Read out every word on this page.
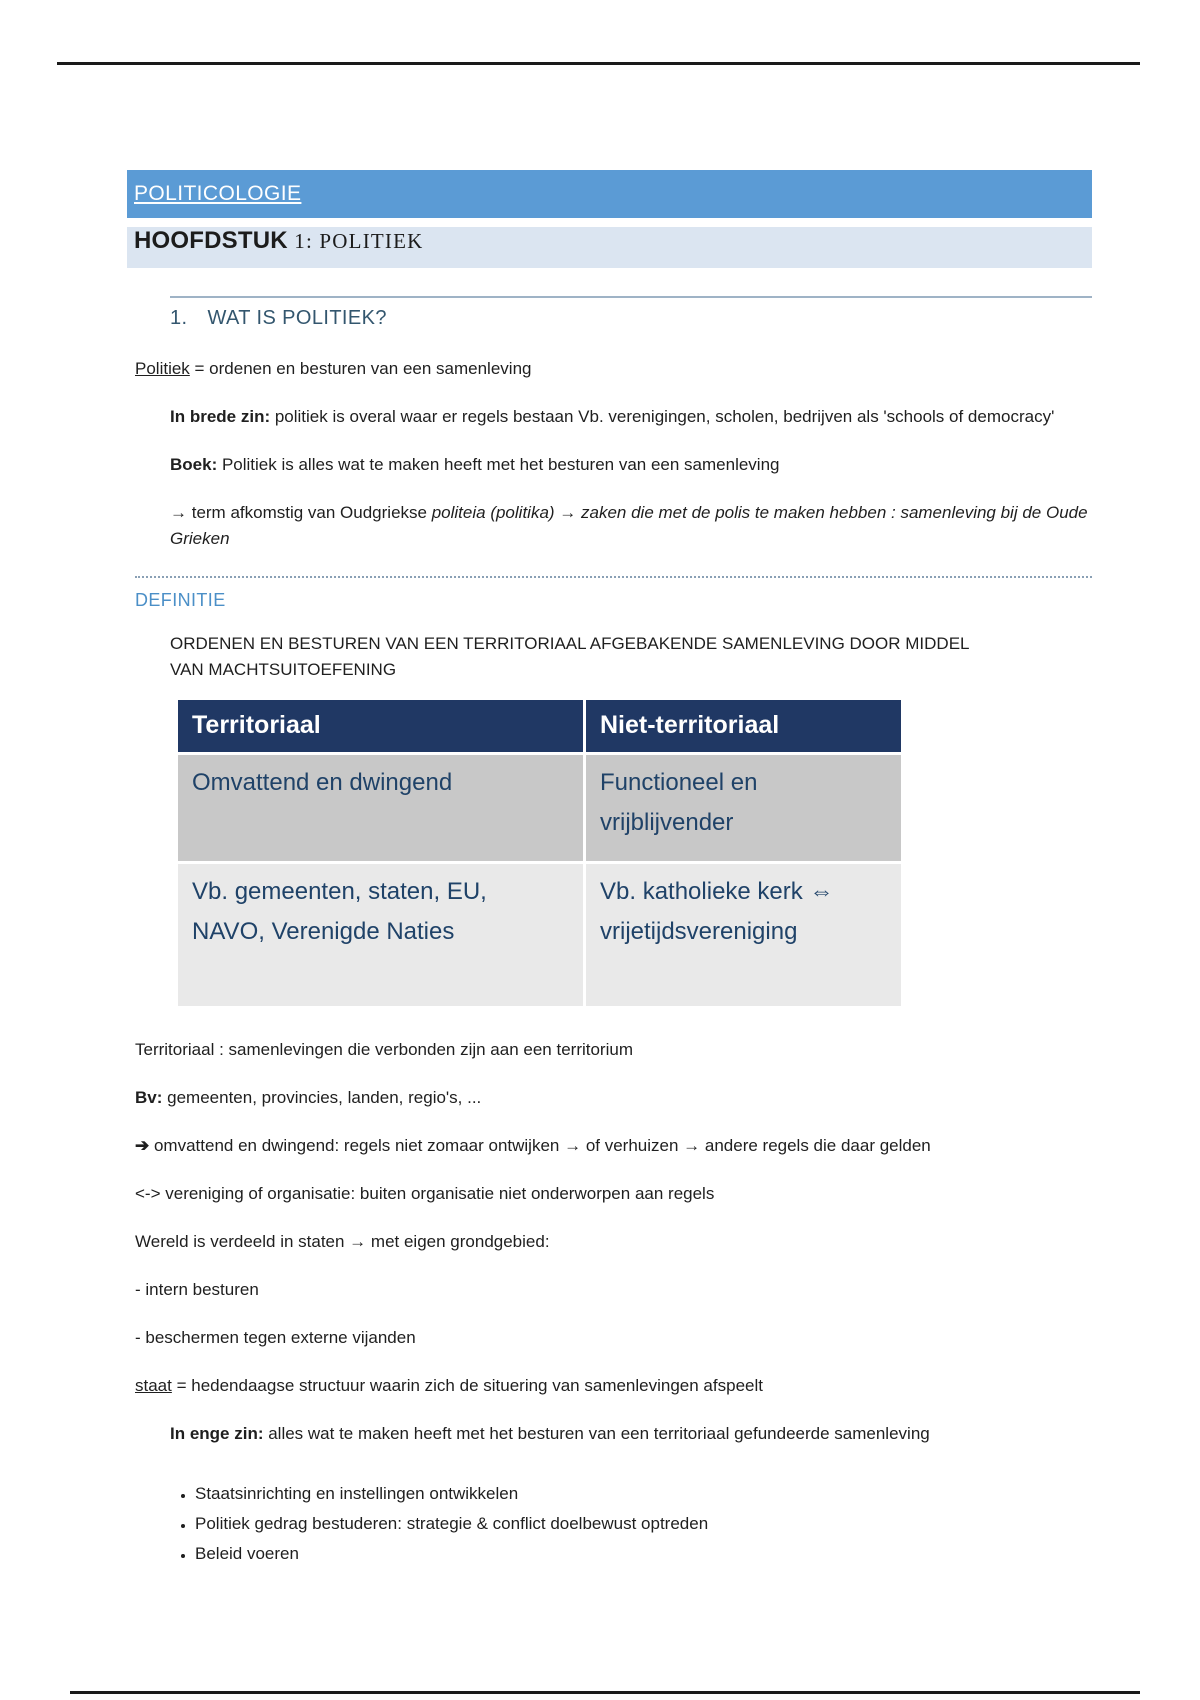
POLITICOLOGIE
HOOFDSTUK 1: POLITIEK
1. WAT IS POLITIEK?

Politiek = ordenen en besturen van een samenleving

In brede zin: politiek is overal waar er regels bestaan Vb. verenigingen, scholen, bedrijven als 'schools of democracy'

Boek: Politiek is alles wat te maken heeft met het besturen van een samenleving

→ term afkomstig van Oudgriekse politeia (politika) → zaken die met de polis te maken hebben : samenleving bij de Oude Grieken

DEFINITIE

ORDENEN EN BESTUREN VAN EEN TERRITORIAAL AFGEBAKENDE SAMENLEVING DOOR MIDDEL VAN MACHTSUITOEFENING

Territoriaal	Niet-territoriaal
Omvattend en dwingend	Functioneel en vrijblijvender
Vb. gemeenten, staten, EU, NAVO, Verenigde Naties	Vb. katholieke kerk ⇔ vrijetijdsvereniging

Territoriaal : samenlevingen die verbonden zijn aan een territorium

Bv: gemeenten, provincies, landen, regio's, ...

➔ omvattend en dwingend: regels niet zomaar ontwijken → of verhuizen → andere regels die daar gelden

<-> vereniging of organisatie: buiten organisatie niet onderworpen aan regels

Wereld is verdeeld in staten → met eigen grondgebied:

- intern besturen

- beschermen tegen externe vijanden

staat = hedendaagse structuur waarin zich de situering van samenlevingen afspeelt

In enge zin: alles wat te maken heeft met het besturen van een territoriaal gefundeerde samenleving

• Staatsinrichting en instellingen ontwikkelen
• Politiek gedrag bestuderen: strategie & conflict doelbewust optreden
• Beleid voeren
